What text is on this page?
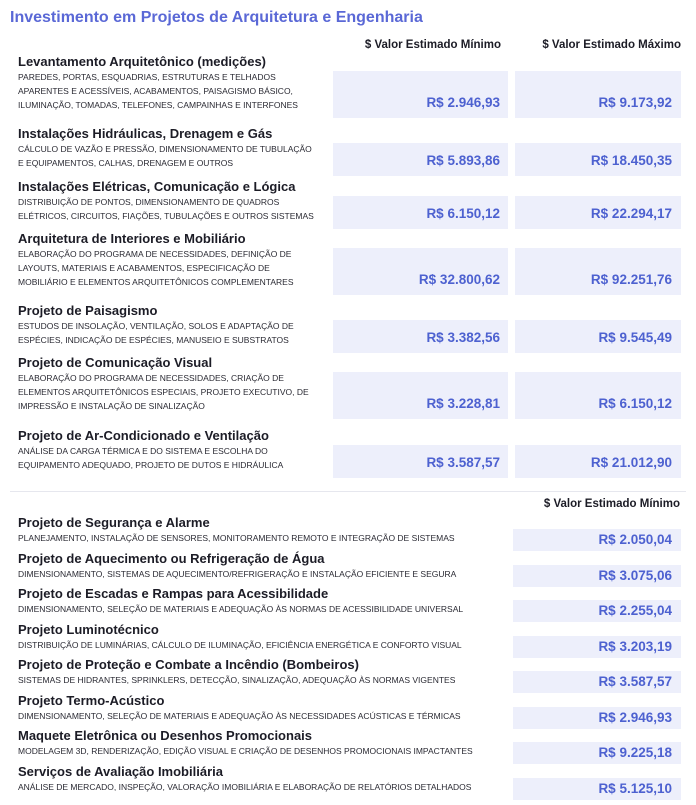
Investimento em Projetos de Arquitetura e Engenharia
$ Valor Estimado Mínimo	$ Valor Estimado Máximo
Levantamento Arquitetônico (medições)
PAREDES, PORTAS, ESQUADRIAS, ESTRUTURAS E TELHADOS
APARENTES E ACESSÍVEIS, ACABAMENTOS, PAISAGISMO BÁSICO,
ILUMINAÇÃO, TOMADAS, TELEFONES, CAMPAINHAS E INTERFONES	R$ 2.946,93	R$ 9.173,92
Instalações Hidráulicas, Drenagem e Gás
CÁLCULO DE VAZÃO E PRESSÃO, DIMENSIONAMENTO DE TUBULAÇÃO
E EQUIPAMENTOS, CALHAS, DRENAGEM E OUTROS	R$ 5.893,86	R$ 18.450,35
Instalações Elétricas, Comunicação e Lógica
DISTRIBUIÇÃO DE PONTOS, DIMENSIONAMENTO DE QUADROS
ELÉTRICOS, CIRCUITOS, FIAÇÕES, TUBULAÇÕES E OUTROS SISTEMAS	R$ 6.150,12	R$ 22.294,17
Arquitetura de Interiores e Mobiliário
ELABORAÇÃO DO PROGRAMA DE NECESSIDADES, DEFINIÇÃO DE
LAYOUTS, MATERIAIS E ACABAMENTOS, ESPECIFICAÇÃO DE
MOBILIÁRIO E ELEMENTOS ARQUITETÔNICOS COMPLEMENTARES	R$ 32.800,62	R$ 92.251,76
Projeto de Paisagismo
ESTUDOS DE INSOLAÇÃO, VENTILAÇÃO, SOLOS E ADAPTAÇÃO DE
ESPÉCIES, INDICAÇÃO DE ESPÉCIES, MANUSEIO E SUBSTRATOS	R$ 3.382,56	R$ 9.545,49
Projeto de Comunicação Visual
ELABORAÇÃO DO PROGRAMA DE NECESSIDADES, CRIAÇÃO DE
ELEMENTOS ARQUITETÔNICOS ESPECIAIS, PROJETO EXECUTIVO, DE
IMPRESSÃO E INSTALAÇÃO DE SINALIZAÇÃO	R$ 3.228,81	R$ 6.150,12
Projeto de Ar-Condicionado e Ventilação
ANÁLISE DA CARGA TÉRMICA E DO SISTEMA E ESCOLHA DO
EQUIPAMENTO ADEQUADO, PROJETO DE DUTOS E HIDRÁULICA	R$ 3.587,57	R$ 21.012,90
$ Valor Estimado Mínimo
Projeto de Segurança e Alarme
PLANEJAMENTO, INSTALAÇÃO DE SENSORES, MONITORAMENTO REMOTO E INTEGRAÇÃO DE SISTEMAS	R$ 2.050,04
Projeto de Aquecimento ou Refrigeração de Água
DIMENSIONAMENTO, SISTEMAS DE AQUECIMENTO/REFRIGERAÇÃO E INSTALAÇÃO EFICIENTE E SEGURA	R$ 3.075,06
Projeto de Escadas e Rampas para Acessibilidade
DIMENSIONAMENTO, SELEÇÃO DE MATERIAIS E ADEQUAÇÃO ÀS NORMAS DE ACESSIBILIDADE UNIVERSAL	R$ 2.255,04
Projeto Luminotécnico
DISTRIBUIÇÃO DE LUMINÁRIAS, CÁLCULO DE ILUMINAÇÃO, EFICIÊNCIA ENERGÉTICA E CONFORTO VISUAL	R$ 3.203,19
Projeto de Proteção e Combate a Incêndio (Bombeiros)
SISTEMAS DE HIDRANTES, SPRINKLERS, DETECÇÃO, SINALIZAÇÃO, ADEQUAÇÃO ÀS NORMAS VIGENTES	R$ 3.587,57
Projeto Termo-Acústico
DIMENSIONAMENTO, SELEÇÃO DE MATERIAIS E ADEQUAÇÃO ÀS NECESSIDADES ACÚSTICAS E TÉRMICAS	R$ 2.946,93
Maquete Eletrônica ou Desenhos Promocionais
MODELAGEM 3D, RENDERIZAÇÃO, EDIÇÃO VISUAL E CRIAÇÃO DE DESENHOS PROMOCIONAIS IMPACTANTES	R$ 9.225,18
Serviços de Avaliação Imobiliária
ANÁLISE DE MERCADO, INSPEÇÃO, VALORAÇÃO IMOBILIÁRIA E ELABORAÇÃO DE RELATÓRIOS DETALHADOS	R$ 5.125,10
